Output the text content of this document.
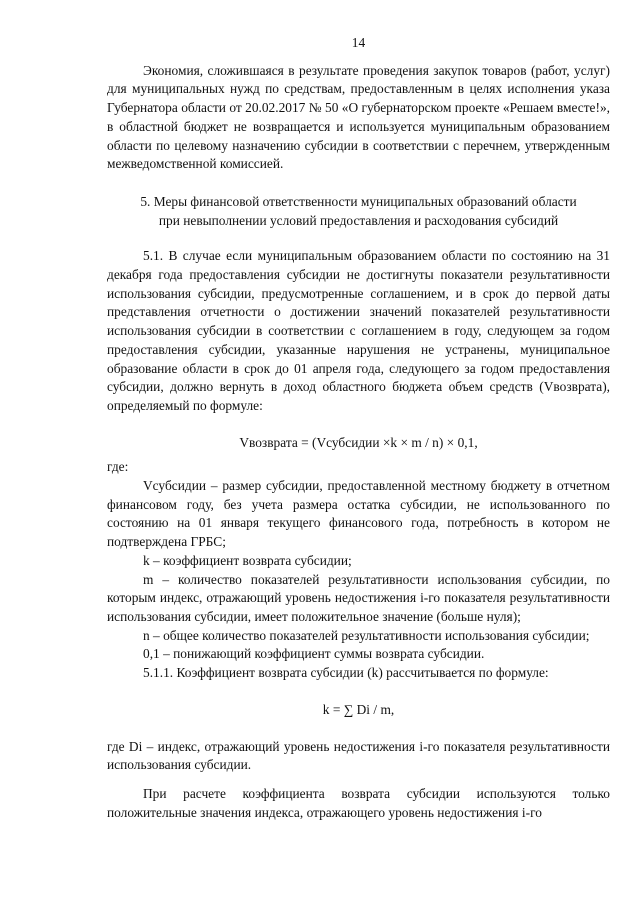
14

Экономия, сложившаяся в результате проведения закупок товаров (работ, услуг) для муниципальных нужд по средствам, предоставленным в целях исполнения указа Губернатора области от 20.02.2017 № 50 «О губернаторском проекте «Решаем вместе!», в областной бюджет не возвращается и используется муниципальным образованием области по целевому назначению субсидии в соответствии с перечнем, утвержденным межведомственной комиссией.

5. Меры финансовой ответственности муниципальных образований области
при невыполнении условий предоставления и расходования субсидий

5.1. В случае если муниципальным образованием области по состоянию на 31 декабря года предоставления субсидии не достигнуты показатели результативности использования субсидии, предусмотренные соглашением, и в срок до первой даты представления отчетности о достижении значений показателей результативности использования субсидии в соответствии с соглашением в году, следующем за годом предоставления субсидии, указанные нарушения не устранены, муниципальное образование области в срок до 01 апреля года, следующего за годом предоставления субсидии, должно вернуть в доход областного бюджета объем средств (Vвозврата), определяемый по формуле:

Vвозврата = (Vсубсидии ×k × m / n) × 0,1,

где:

Vсубсидии – размер субсидии, предоставленной местному бюджету в отчетном финансовом году, без учета размера остатка субсидии, не использованного по состоянию на 01 января текущего финансового года, потребность в котором не подтверждена ГРБС;

k – коэффициент возврата субсидии;

m – количество показателей результативности использования субсидии, по которым индекс, отражающий уровень недостижения i-го показателя результативности использования субсидии, имеет положительное значение (больше нуля);

n – общее количество показателей результативности использования субсидии;

0,1 – понижающий коэффициент суммы возврата субсидии.

5.1.1. Коэффициент возврата субсидии (k) рассчитывается по формуле:

k = ∑ Di / m,

где Di – индекс, отражающий уровень недостижения i-го показателя результативности использования субсидии.

При расчете коэффициента возврата субсидии используются только положительные значения индекса, отражающего уровень недостижения i-го
